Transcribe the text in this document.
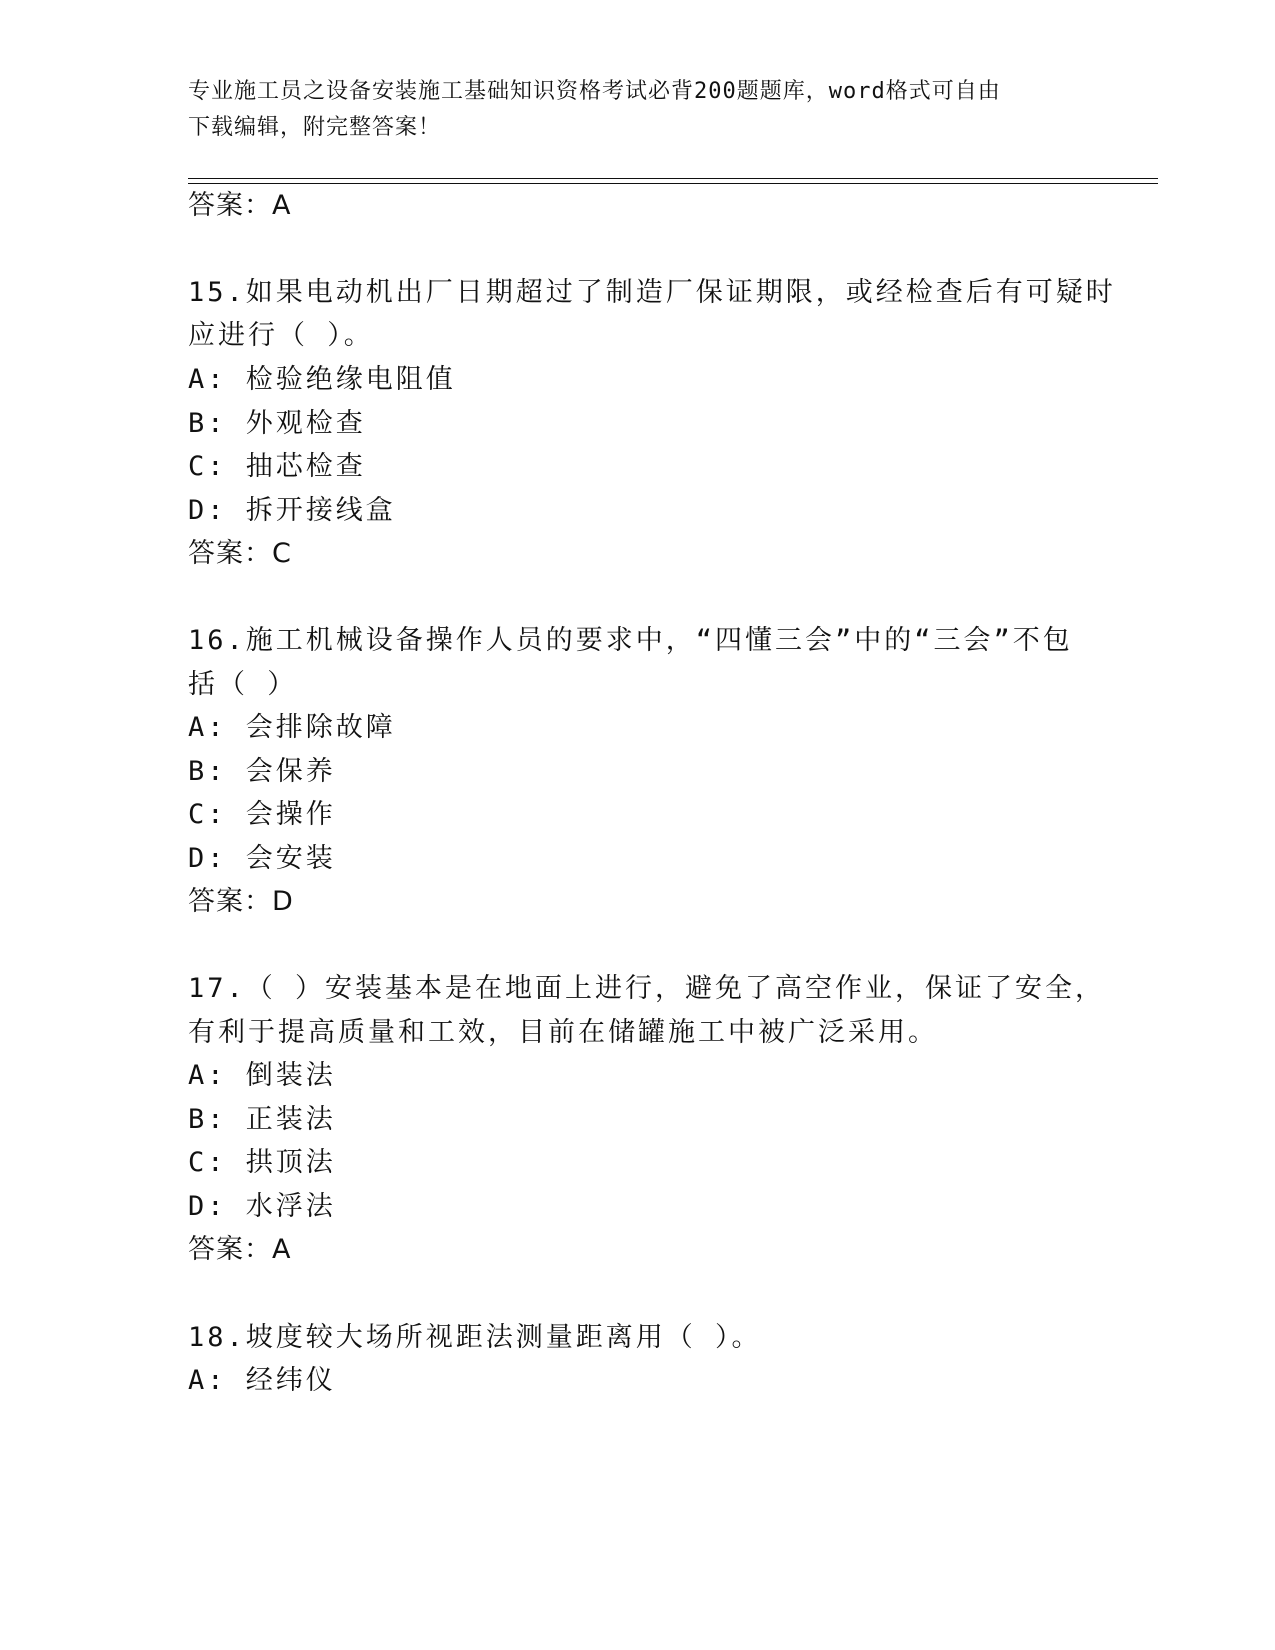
专业施工员之设备安装施工基础知识资格考试必背200题题库，word格式可自由
下载编辑，附完整答案！
答案：A
15.如果电动机出厂日期超过了制造厂保证期限，或经检查后有可疑时
应进行（ ）。
A: 检验绝缘电阻值
B: 外观检查
C: 抽芯检查
D: 拆开接线盒
答案：C
16.施工机械设备操作人员的要求中，“四懂三会”中的“三会”不包
括（ ）
A: 会排除故障
B: 会保养
C: 会操作
D: 会安装
答案：D
17.（ ）安装基本是在地面上进行，避免了高空作业，保证了安全，
有利于提高质量和工效，目前在储罐施工中被广泛采用。
A: 倒装法
B: 正装法
C: 拱顶法
D: 水浮法
答案：A
18.坡度较大场所视距法测量距离用（ ）。
A: 经纬仪
